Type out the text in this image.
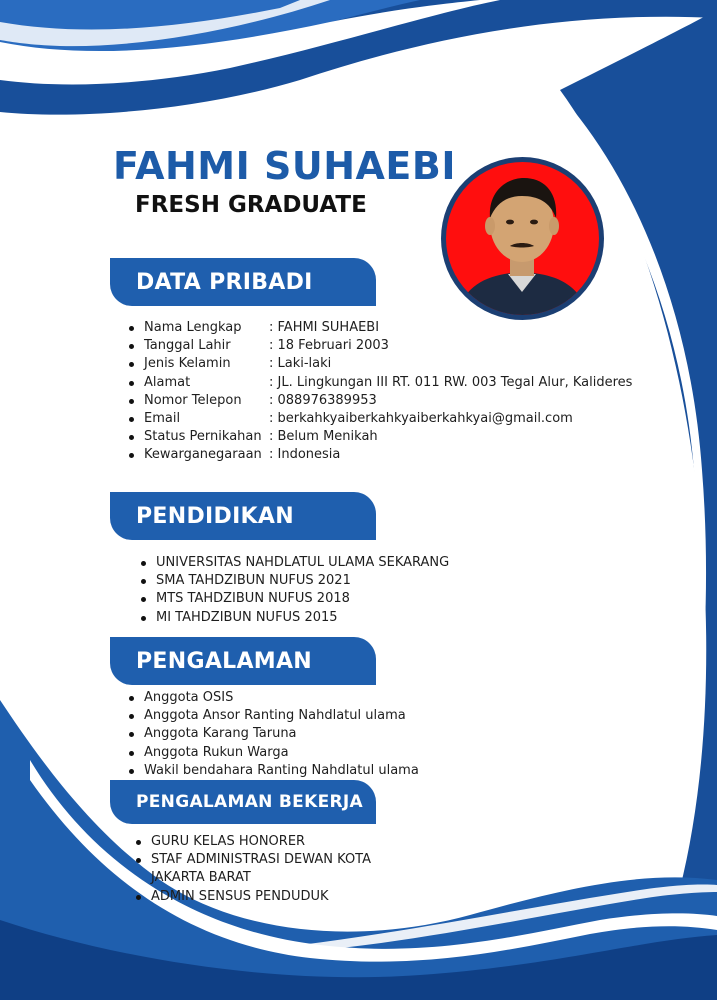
FAHMI SUHAEBI
FRESH GRADUATE
DATA PRIBADI
Nama Lengkap : FAHMI SUHAEBI
Tanggal Lahir	: 18 Februari 2003
Jenis Kelamin	: Laki-laki
Alamat	: JL. Lingkungan III RT. 011 RW. 003 Tegal Alur, Kalideres
Nomor Telepon : 088976389953
Email	: berkahkyaiberkahkyaiberkahkyai@gmail.com
Status Pernikahan : Belum Menikah
Kewarganegaraan : Indonesia
PENDIDIKAN
UNIVERSITAS NAHDLATUL ULAMA SEKARANG
SMA TAHDZIBUN NUFUS 2021
MTS TAHDZIBUN NUFUS 2018
MI TAHDZIBUN NUFUS 2015
PENGALAMAN
Anggota OSIS
Anggota Ansor Ranting Nahdlatul ulama
Anggota Karang Taruna
Anggota Rukun Warga
Wakil bendahara Ranting Nahdlatul ulama
PENGALAMAN BEKERJA
GURU KELAS HONORER
STAF ADMINISTRASI DEWAN KOTA JAKARTA BARAT
ADMIN SENSUS PENDUDUK
